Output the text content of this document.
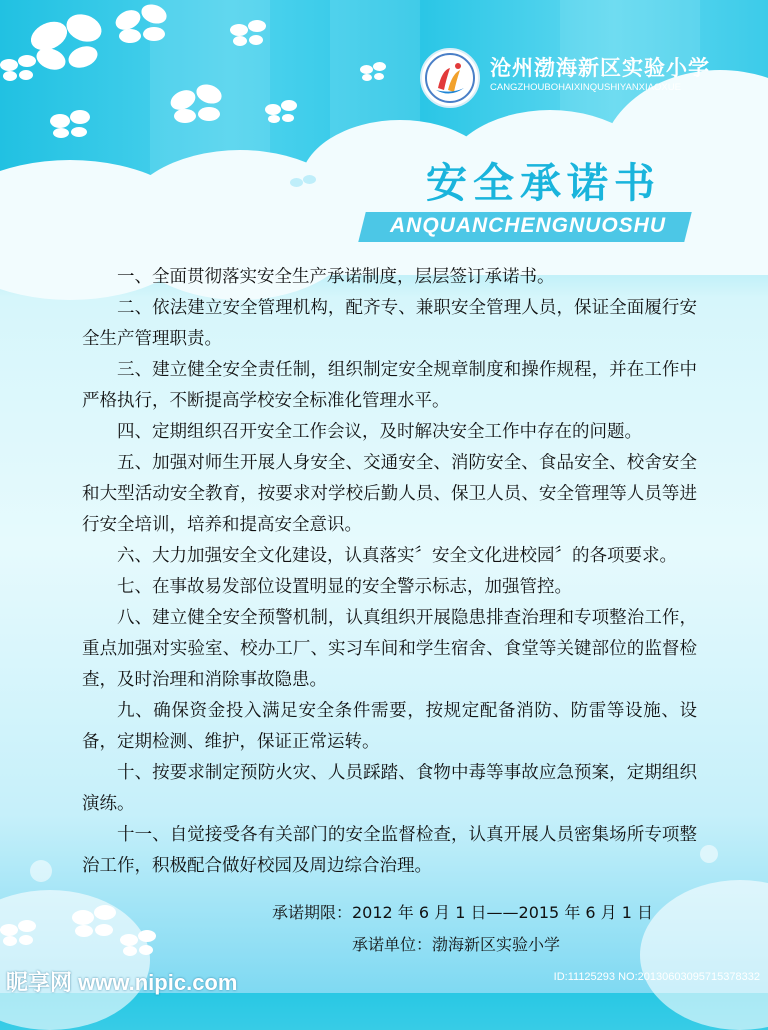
沧州渤海新区实验小学
CANGZHOUBOHAIXINQUSHIYANXIAOXUE
安全承诺书
ANQUANCHENGNUOSHU

一、全面贯彻落实安全生产承诺制度，层层签订承诺书。

二、依法建立安全管理机构，配齐专、兼职安全管理人员，保证全面履行安全生产管理职责。

三、建立健全安全责任制，组织制定安全规章制度和操作规程，并在工作中严格执行，不断提高学校安全标准化管理水平。

四、定期组织召开安全工作会议，及时解决安全工作中存在的问题。

五、加强对师生开展人身安全、交通安全、消防安全、食品安全、校舍安全和大型活动安全教育，按要求对学校后勤人员、保卫人员、安全管理等人员等进行安全培训，培养和提高安全意识。

六、大力加强安全文化建设，认真落实〞安全文化进校园〞的各项要求。

七、在事故易发部位设置明显的安全警示标志，加强管控。

八、建立健全安全预警机制，认真组织开展隐患排查治理和专项整治工作，重点加强对实验室、校办工厂、实习车间和学生宿舍、食堂等关键部位的监督检查，及时治理和消除事故隐患。

九、确保资金投入满足安全条件需要，按规定配备消防、防雷等设施、设备，定期检测、维护，保证正常运转。

十、按要求制定预防火灾、人员踩踏、食物中毒等事故应急预案，定期组织演练。

十一、自觉接受各有关部门的安全监督检查，认真开展人员密集场所专项整治工作，积极配合做好校园及周边综合治理。

承诺期限：2012 年 6 月 1 日——2015 年 6 月 1 日
承诺单位：渤海新区实验小学
昵享网 www.nipic.com	ID:11125293 NO:20130603095715378332
